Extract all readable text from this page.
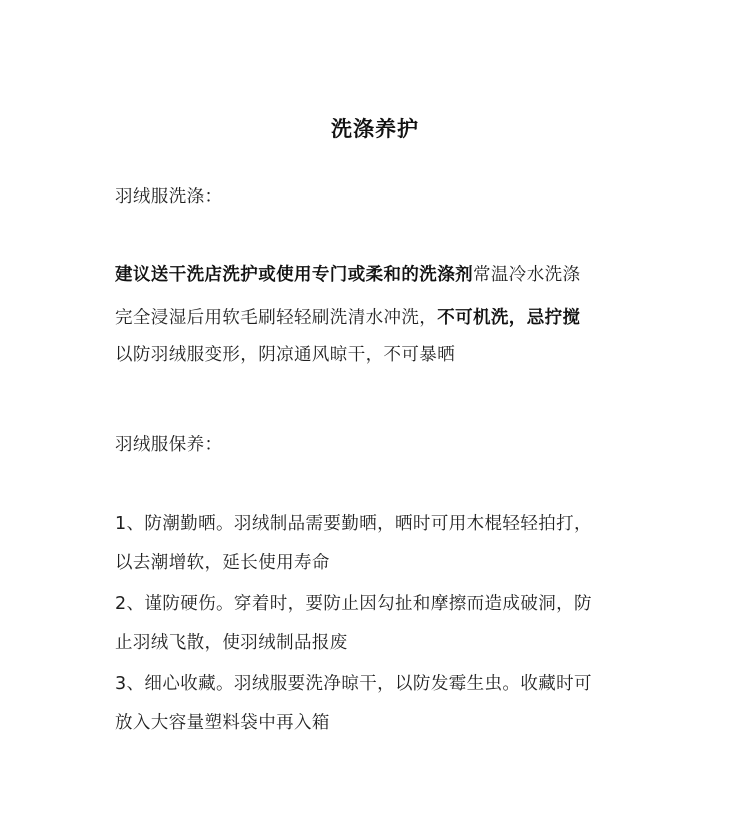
洗涤养护
羽绒服洗涤：
建议送干洗店洗护或使用专门或柔和的洗涤剂常温冷水洗涤
完全浸湿后用软毛刷轻轻刷洗清水冲洗，不可机洗，忌拧搅
以防羽绒服变形，阴凉通风晾干，不可暴晒
羽绒服保养：
1、防潮勤晒。羽绒制品需要勤晒，晒时可用木棍轻轻拍打，
以去潮增软，延长使用寿命
2、谨防硬伤。穿着时，要防止因勾扯和摩擦而造成破洞，防
止羽绒飞散，使羽绒制品报废
3、细心收藏。羽绒服要洗净晾干，以防发霉生虫。收藏时可
放入大容量塑料袋中再入箱
